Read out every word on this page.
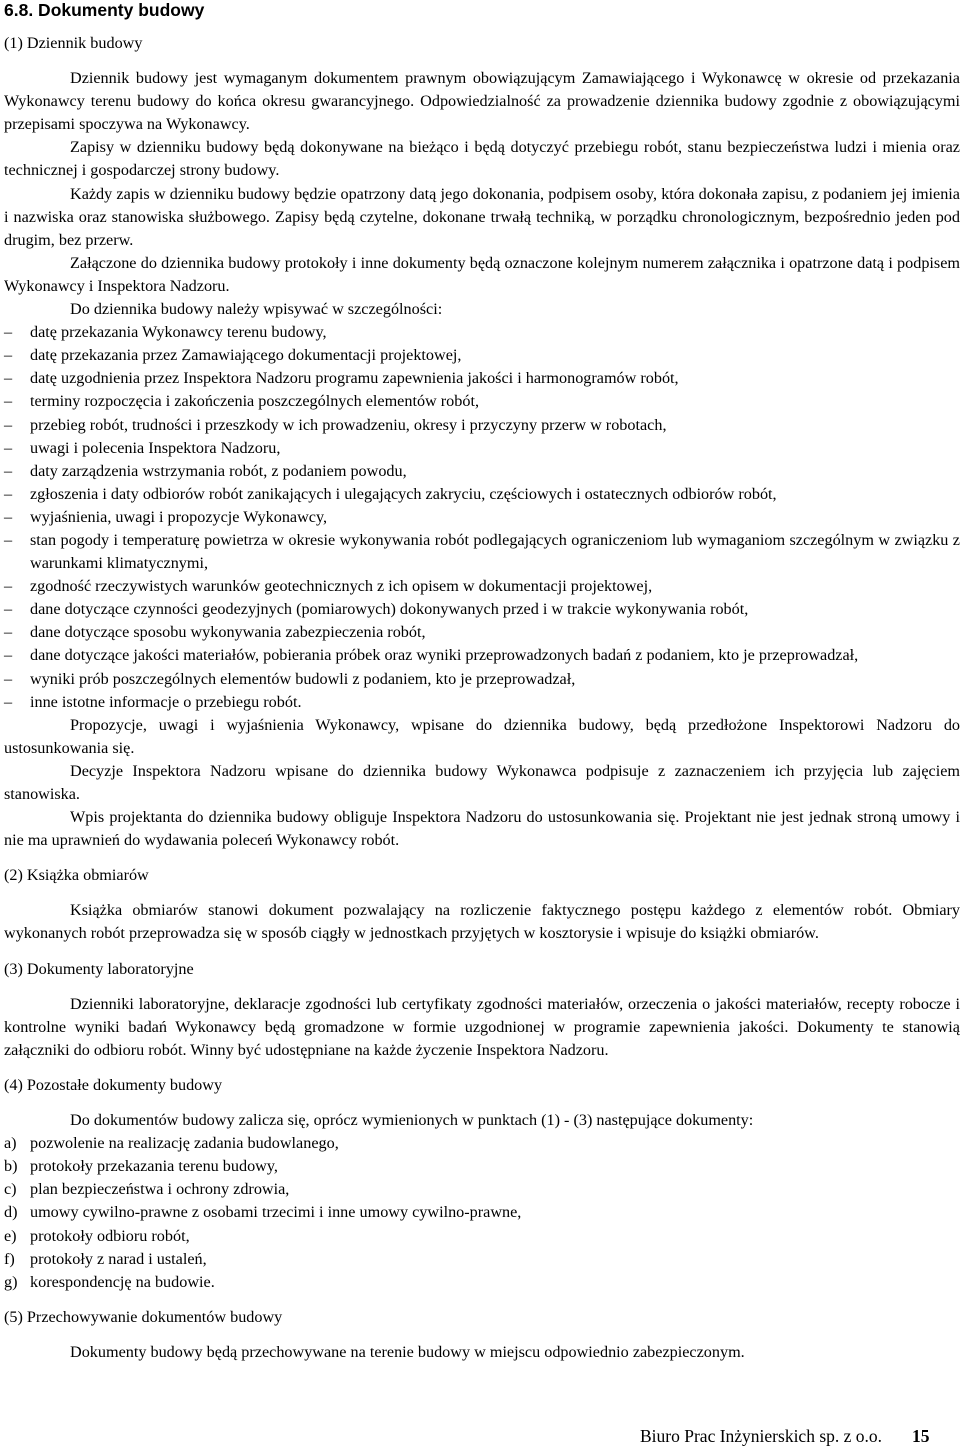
6.8. Dokumenty budowy
(1) Dziennik budowy

Dziennik budowy jest wymaganym dokumentem prawnym obowiązującym Zamawiającego i Wykonawcę w okresie od przekazania Wykonawcy terenu budowy do końca okresu gwarancyjnego. Odpowiedzialność za prowadzenie dziennika budowy zgodnie z obowiązującymi przepisami spoczywa na Wykonawcy.

Zapisy w dzienniku budowy będą dokonywane na bieżąco i będą dotyczyć przebiegu robót, stanu bezpieczeństwa ludzi i mienia oraz technicznej i gospodarczej strony budowy.

Każdy zapis w dzienniku budowy będzie opatrzony datą jego dokonania, podpisem osoby, która dokonała zapisu, z podaniem jej imienia i nazwiska oraz stanowiska służbowego. Zapisy będą czytelne, dokonane trwałą techniką, w porządku chronologicznym, bezpośrednio jeden pod drugim, bez przerw.

Załączone do dziennika budowy protokoły i inne dokumenty będą oznaczone kolejnym numerem załącznika i opatrzone datą i podpisem Wykonawcy i Inspektora Nadzoru.

Do dziennika budowy należy wpisywać w szczególności:

– datę przekazania Wykonawcy terenu budowy,
– datę przekazania przez Zamawiającego dokumentacji projektowej,
– datę uzgodnienia przez Inspektora Nadzoru programu zapewnienia jakości i harmonogramów robót,
– terminy rozpoczęcia i zakończenia poszczególnych elementów robót,
– przebieg robót, trudności i przeszkody w ich prowadzeniu, okresy i przyczyny przerw w robotach,
– uwagi i polecenia Inspektora Nadzoru,
– daty zarządzenia wstrzymania robót, z podaniem powodu,
– zgłoszenia i daty odbiorów robót zanikających i ulegających zakryciu, częściowych i ostatecznych odbiorów robót,
– wyjaśnienia, uwagi i propozycje Wykonawcy,
– stan pogody i temperaturę powietrza w okresie wykonywania robót podlegających ograniczeniom lub wymaganiom szczególnym w związku z warunkami klimatycznymi,
– zgodność rzeczywistych warunków geotechnicznych z ich opisem w dokumentacji projektowej,
– dane dotyczące czynności geodezyjnych (pomiarowych) dokonywanych przed i w trakcie wykonywania robót,
– dane dotyczące sposobu wykonywania zabezpieczenia robót,
– dane dotyczące jakości materiałów, pobierania próbek oraz wyniki przeprowadzonych badań z podaniem, kto je przeprowadzał,
– wyniki prób poszczególnych elementów budowli z podaniem, kto je przeprowadzał,
– inne istotne informacje o przebiegu robót.

Propozycje, uwagi i wyjaśnienia Wykonawcy, wpisane do dziennika budowy, będą przedłożone Inspektorowi Nadzoru do ustosunkowania się.

Decyzje Inspektora Nadzoru wpisane do dziennika budowy Wykonawca podpisuje z zaznaczeniem ich przyjęcia lub zajęciem stanowiska.

Wpis projektanta do dziennika budowy obliguje Inspektora Nadzoru do ustosunkowania się. Projektant nie jest jednak stroną umowy i nie ma uprawnień do wydawania poleceń Wykonawcy robót.

(2) Książka obmiarów

Książka obmiarów stanowi dokument pozwalający na rozliczenie faktycznego postępu każdego z elementów robót. Obmiary wykonanych robót przeprowadza się w sposób ciągły w jednostkach przyjętych w kosztorysie i wpisuje do książki obmiarów.

(3) Dokumenty laboratoryjne

Dzienniki laboratoryjne, deklaracje zgodności lub certyfikaty zgodności materiałów, orzeczenia o jakości materiałów, recepty robocze i kontrolne wyniki badań Wykonawcy będą gromadzone w formie uzgodnionej w programie zapewnienia jakości. Dokumenty te stanowią załączniki do odbioru robót. Winny być udostępniane na każde życzenie Inspektora Nadzoru.

(4) Pozostałe dokumenty budowy

Do dokumentów budowy zalicza się, oprócz wymienionych w punktach (1) - (3) następujące dokumenty:

a) pozwolenie na realizację zadania budowlanego,
b) protokoły przekazania terenu budowy,
c) plan bezpieczeństwa i ochrony zdrowia,
d) umowy cywilno-prawne z osobami trzecimi i inne umowy cywilno-prawne,
e) protokoły odbioru robót,
f) protokoły z narad i ustaleń,
g) korespondencję na budowie.
(5) Przechowywanie dokumentów budowy

Dokumenty budowy będą przechowywane na terenie budowy w miejscu odpowiednio zabezpieczonym.

Biuro Prac Inżynierskich sp. z o.o. 15
